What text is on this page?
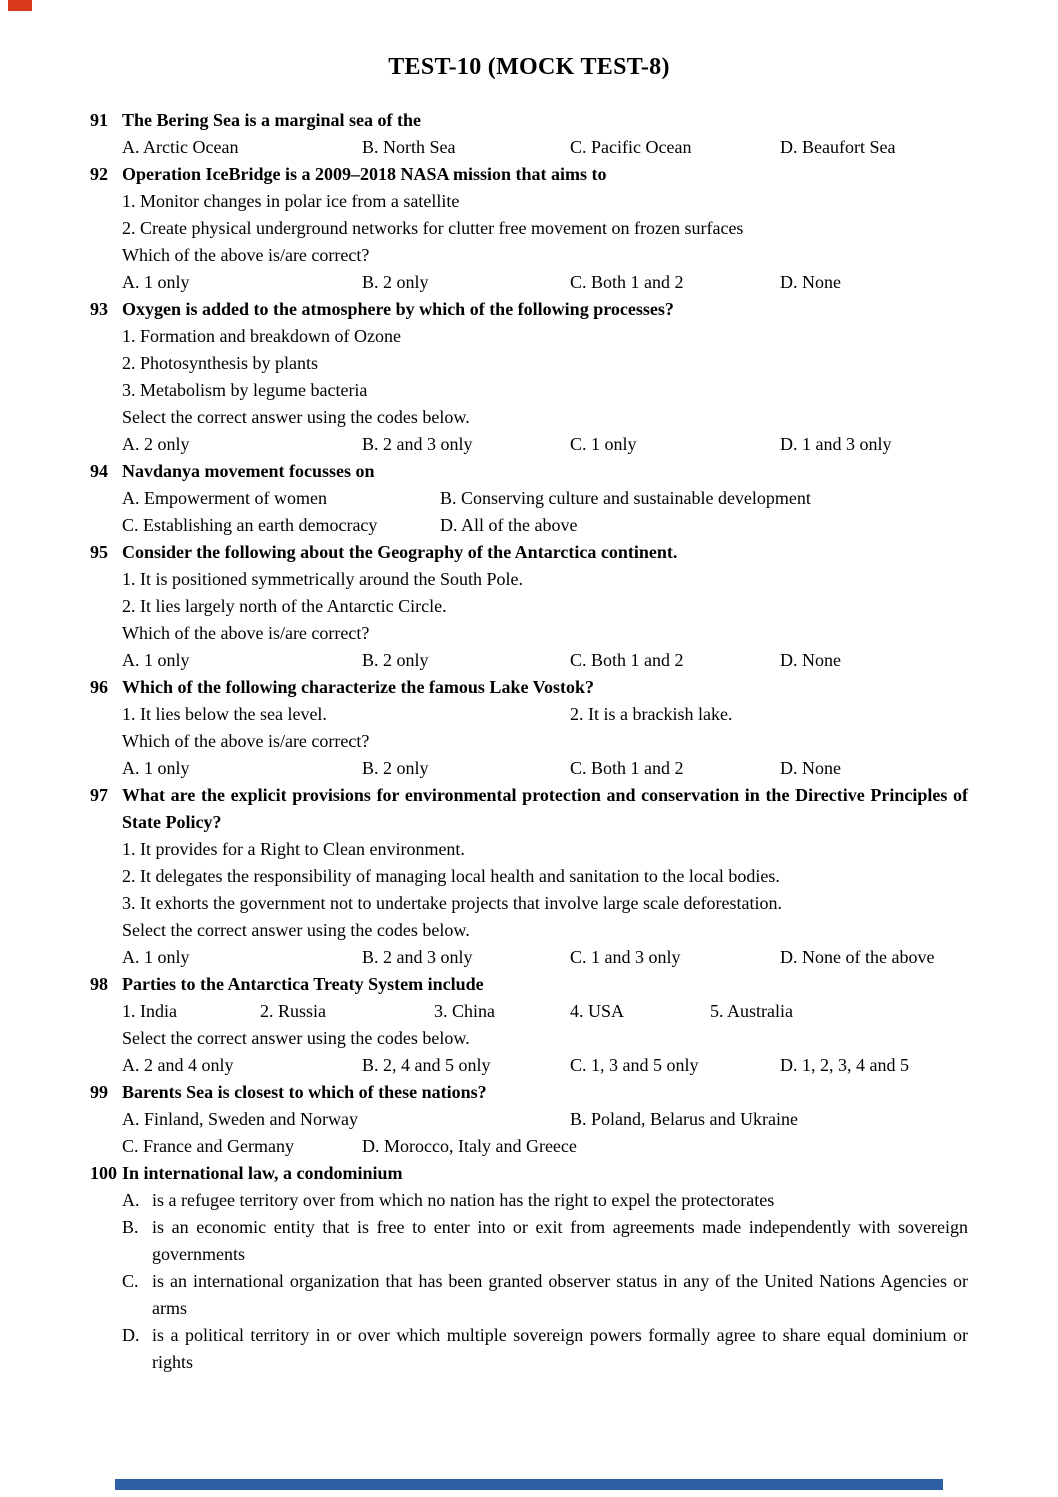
TEST-10 (MOCK TEST-8)
91 The Bering Sea is a marginal sea of the
A. Arctic Ocean	B. North Sea	C. Pacific Ocean	D. Beaufort Sea
92 Operation IceBridge is a 2009–2018 NASA mission that aims to
1. Monitor changes in polar ice from a satellite
2. Create physical underground networks for clutter free movement on frozen surfaces
Which of the above is/are correct?
A. 1 only	B. 2 only	C. Both 1 and 2	D. None
93 Oxygen is added to the atmosphere by which of the following processes?
1. Formation and breakdown of Ozone
2. Photosynthesis by plants
3. Metabolism by legume bacteria
Select the correct answer using the codes below.
A. 2 only	B. 2 and 3 only	C. 1 only	D. 1 and 3 only
94 Navdanya movement focusses on
A. Empowerment of women	B. Conserving culture and sustainable development
C. Establishing an earth democracy	D. All of the above
95 Consider the following about the Geography of the Antarctica continent.
1. It is positioned symmetrically around the South Pole.
2. It lies largely north of the Antarctic Circle.
Which of the above is/are correct?
A. 1 only	B. 2 only	C. Both 1 and 2	D. None
96 Which of the following characterize the famous Lake Vostok?
1. It lies below the sea level.	2. It is a brackish lake.
Which of the above is/are correct?
A. 1 only	B. 2 only	C. Both 1 and 2	D. None
97 What are the explicit provisions for environmental protection and conservation in the Directive Principles of State Policy?
1. It provides for a Right to Clean environment.
2. It delegates the responsibility of managing local health and sanitation to the local bodies.
3. It exhorts the government not to undertake projects that involve large scale deforestation.
Select the correct answer using the codes below.
A. 1 only	B. 2 and 3 only	C. 1 and 3 only	D. None of the above
98 Parties to the Antarctica Treaty System include
1. India	2. Russia	3. China	4. USA	5. Australia
Select the correct answer using the codes below.
A. 2 and 4 only	B. 2, 4 and 5 only	C. 1, 3 and 5 only	D. 1, 2, 3, 4 and 5
99 Barents Sea is closest to which of these nations?
A. Finland, Sweden and Norway	B. Poland, Belarus and Ukraine
C. France and Germany	D. Morocco, Italy and Greece
100 In international law, a condominium
A. is a refugee territory over from which no nation has the right to expel the protectorates
B. is an economic entity that is free to enter into or exit from agreements made independently with sovereign governments
C. is an international organization that has been granted observer status in any of the United Nations Agencies or arms
D. is a political territory in or over which multiple sovereign powers formally agree to share equal dominium or rights
